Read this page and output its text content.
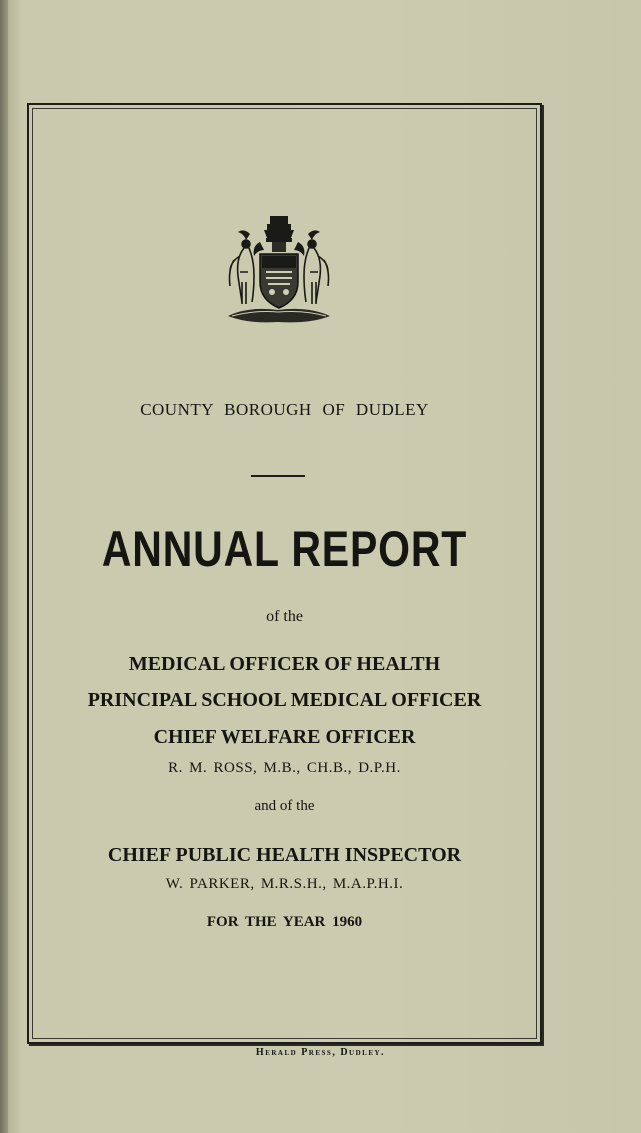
COUNTY BOROUGH OF DUDLEY
ANNUAL REPORT
of the
MEDICAL OFFICER OF HEALTH
PRINCIPAL SCHOOL MEDICAL OFFICER
CHIEF WELFARE OFFICER
R. M. ROSS, M.B., CH.B., D.P.H.
and of the
CHIEF PUBLIC HEALTH INSPECTOR
W. PARKER, M.R.S.H., M.A.P.H.I.
FOR THE YEAR 1960
Herald Press, Dudley.
